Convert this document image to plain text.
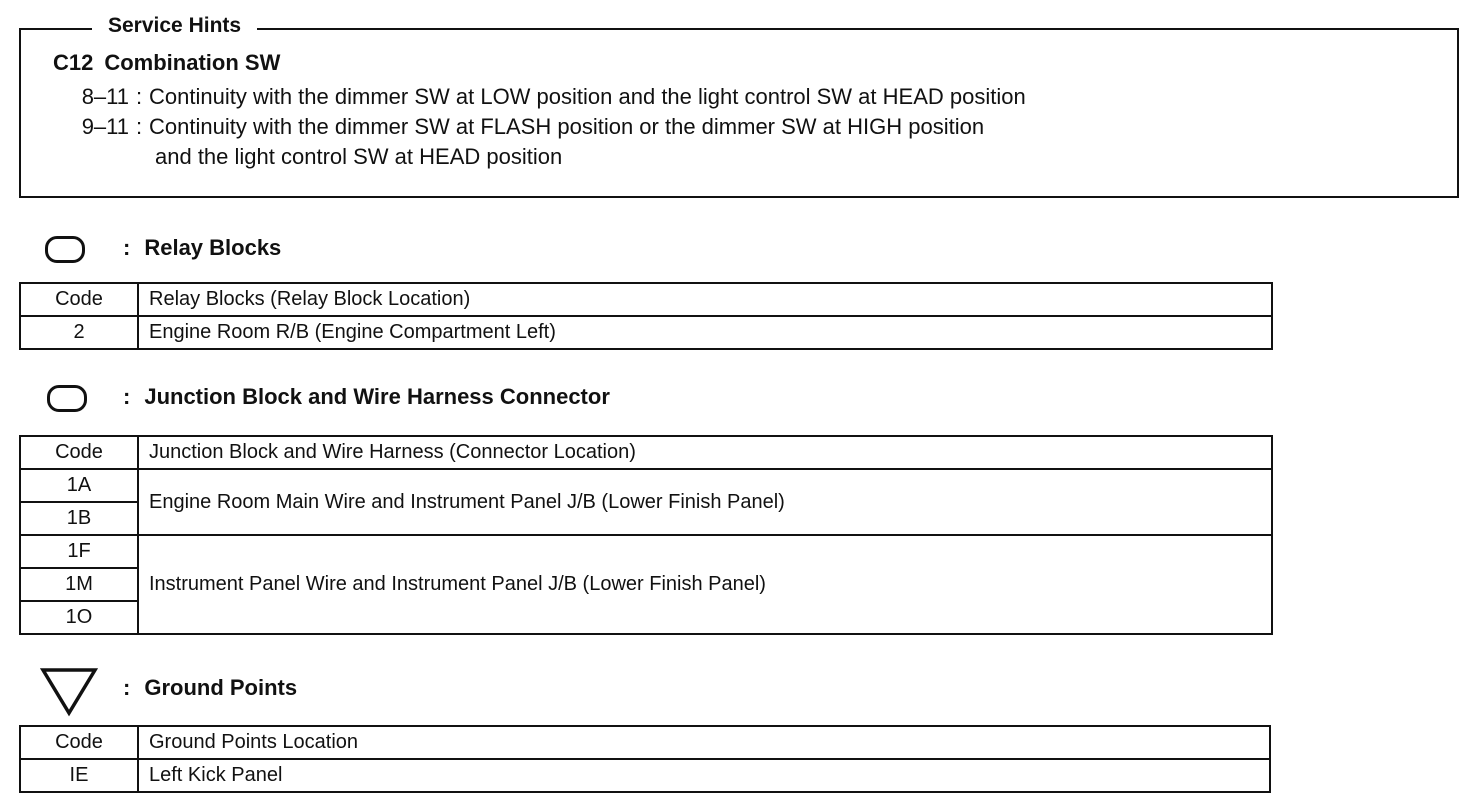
Service Hints
C12 Combination SW
8–11 : Continuity with the dimmer SW at LOW position and the light control SW at HEAD position
9–11 : Continuity with the dimmer SW at FLASH position or the dimmer SW at HIGH position
and the light control SW at HEAD position
: Relay Blocks
Code	Relay Blocks (Relay Block Location)
2	Engine Room R/B (Engine Compartment Left)
: Junction Block and Wire Harness Connector
Code	Junction Block and Wire Harness (Connector Location)
1A	Engine Room Main Wire and Instrument Panel J/B (Lower Finish Panel)
1B	
1F	Instrument Panel Wire and Instrument Panel J/B (Lower Finish Panel)
1M	
1O	
: Ground Points
Code	Ground Points Location
IE	Left Kick Panel
